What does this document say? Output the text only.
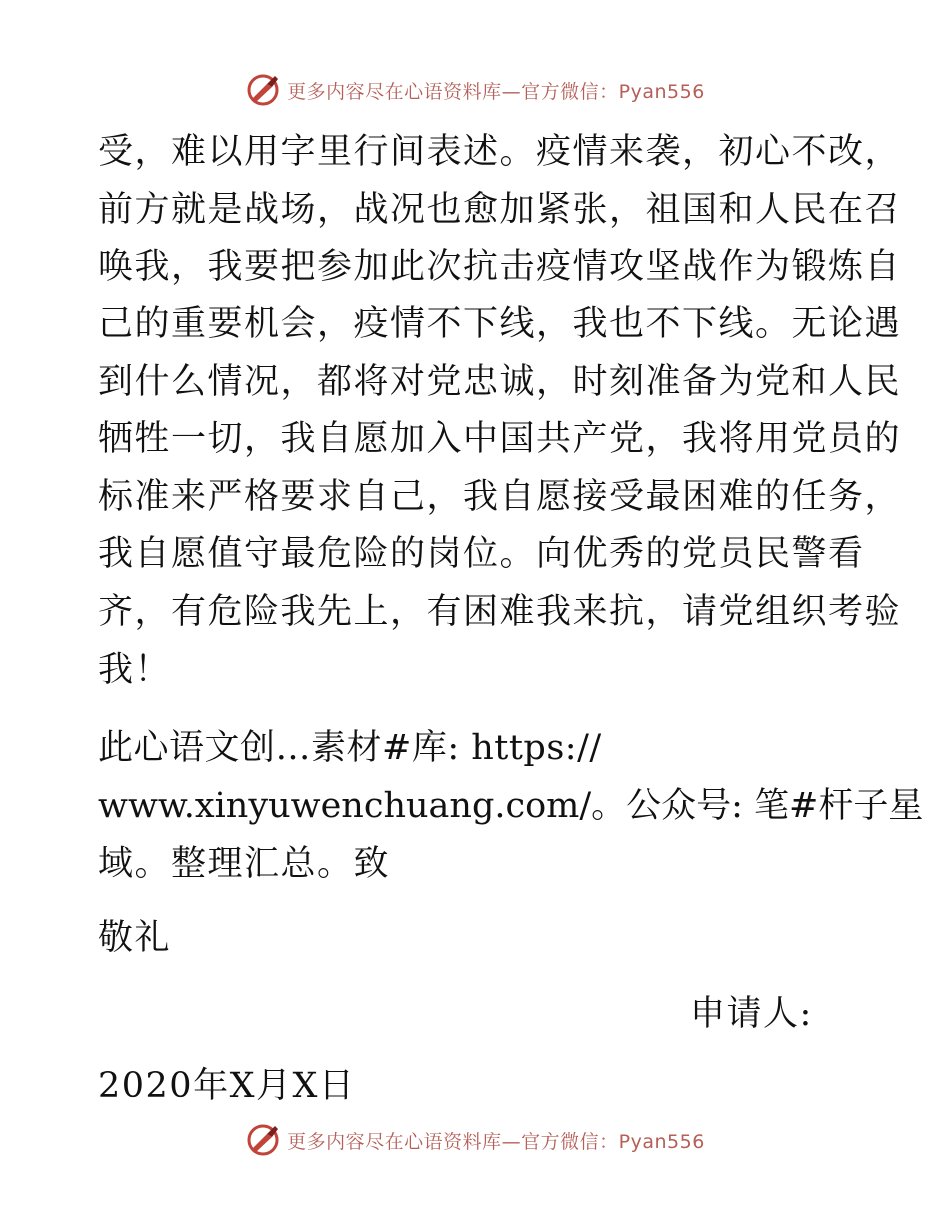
更多内容尽在心语资料库—官方微信：Pyan556

受，难以用字里行间表述。疫情来袭，初心不改，

前方就是战场，战况也愈加紧张，祖国和人民在召

唤我，我要把参加此次抗击疫情攻坚战作为锻炼自

己的重要机会，疫情不下线，我也不下线。无论遇

到什么情况，都将对党忠诚，时刻准备为党和人民

牺牲一切，我自愿加入中国共产党，我将用党员的

标准来严格要求自己，我自愿接受最困难的任务，

我自愿值守最危险的岗位。向优秀的党员民警看

齐，有危险我先上，有困难我来抗，请党组织考验

我！

此心语文创…素材#库: https://

www.xinyuwenchuang.com/。公众号: 笔#杆子星

域。整理汇总。致

敬礼

申请人:

2020年X月X日

更多内容尽在心语资料库—官方微信：Pyan556
